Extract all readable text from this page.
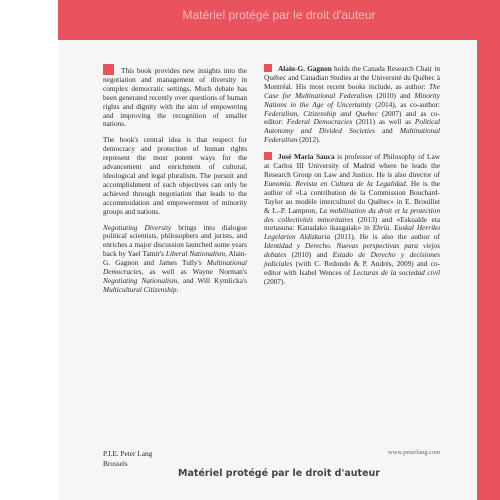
Matériel protégé par le droit d'auteur

This book provides new insights into the negotiation and management of diversity in complex democratic settings. Much debate has been generated recently over questions of human rights and dignity with the aim of empowering and improving the recognition of smaller nations.

The book's central idea is that respect for democracy and protection of human rights represent the most potent ways for the advancement and enrichment of cultural, ideological and legal pluralism. The pursuit and accomplishment of such objectives can only be achieved through negotiation that leads to the accommodation and empowerment of minority groups and nations.

Negotiating Diversity brings into dialogue political scientists, philosophers and jurists, and enriches a major discussion launched some years back by Yael Tamir's Liberal Nationalism, Alain-G. Gagnon and James Tully's Multinational Democracies, as well as Wayne Norman's Negotiating Nationalism, and Will Kymlicka's Multicultural Citizenship.

Alain-G. Gagnon holds the Canada Research Chair in Québec and Canadian Studies at the Université du Québec à Montréal. His most recent books include, as author: The Case for Multinational Federalism (2010) and Minority Nations in the Age of Uncertainty (2014), as co-author: Federalism, Citizenship and Quebec (2007) and as co-editor: Federal Democracies (2011) as well as Political Autonomy and Divided Societies and Multinational Federalism (2012).

José María Sauca is professor of Philosophy of Law at Carlos III University of Madrid where he leads the Research Group on Law and Justice. He is also director of Eunomía. Revista en Cultura de la Legalidad. He is the author of «La contribution de la Commission Bouchard-Taylor au modèle interculturel du Québec» in E. Brouillet & L.-P. Lampron, La mobilisation du droit et la protection des collectivités minoritaires (2013) and «Eskualde eta nortasuna: Kanadako ikasgaiak» in Ehría. Euskal Herriko Legelarien Aldizkaria (2011). He is also the author of Identidad y Derecho. Nuevas perspectivas para viejos debates (2010) and Estado de Derecho y decisiones judiciales (with C. Redondo & P. Andrés, 2009) and co-editor with Isabel Wences of Lecturas de la sociedad civil (2007).

P.I.E. Peter Lang
Brussels
www.peterlang.com
Matériel protégé par le droit d'auteur
